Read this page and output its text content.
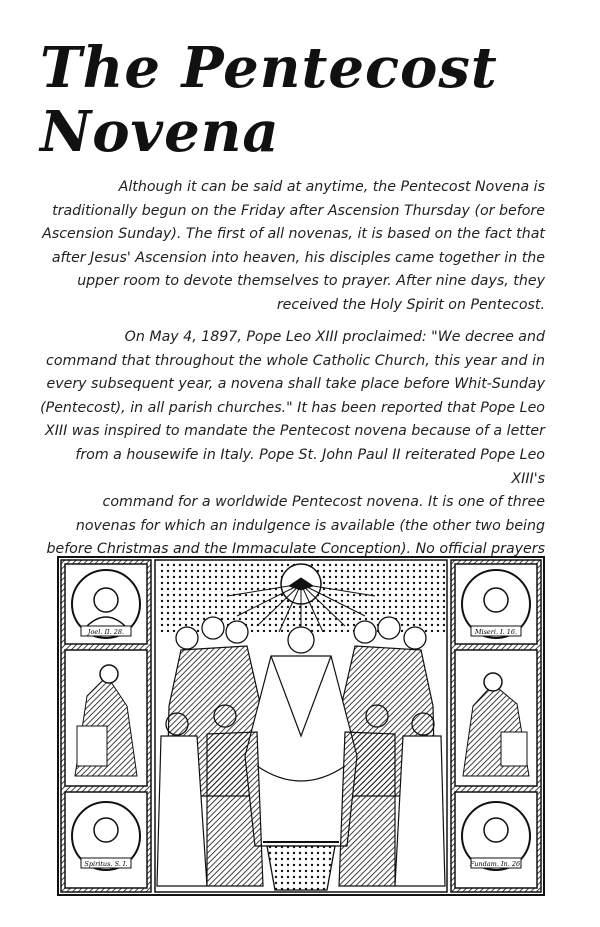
The Pentecost
Novena

Although it can be said at anytime, the Pentecost Novena is
traditionally begun on the Friday after Ascension Thursday (or before
Ascension Sunday). The first of all novenas, it is based on the fact that
after Jesus' Ascension into heaven, his disciples came together in the
upper room to devote themselves to prayer. After nine days, they
received the Holy Spirit on Pentecost.

On May 4, 1897, Pope Leo XIII proclaimed: "We decree and
command that throughout the whole Catholic Church, this year and in
every subsequent year, a novena shall take place before Whit-Sunday
(Pentecost), in all parish churches." It has been reported that Pope Leo
XIII was inspired to mandate the Pentecost novena because of a letter
from a housewife in Italy. Pope St. John Paul II reiterated Pope Leo XIII's
command for a worldwide Pentecost novena. It is one of three
novenas for which an indulgence is available (the other two being
before Christmas and the Immaculate Conception). No official prayers

Joel. II. 28.	Miseri. I. 16.
Spiritus. S. I.	Fundam. In. 26.
